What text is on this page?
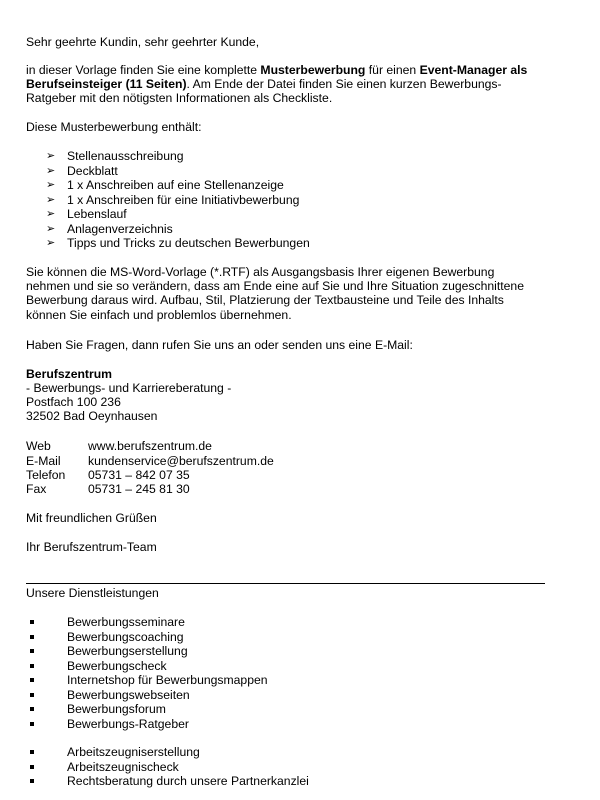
Sehr geehrte Kundin, sehr geehrter Kunde,
in dieser Vorlage finden Sie eine komplette Musterbewerbung für einen Event-Manager als
Berufseinsteiger (11 Seiten). Am Ende der Datei finden Sie einen kurzen Bewerbungs-
Ratgeber mit den nötigsten Informationen als Checkliste.
Diese Musterbewerbung enthält:
➢ Stellenausschreibung
➢ Deckblatt
➢ 1 x Anschreiben auf eine Stellenanzeige
➢ 1 x Anschreiben für eine Initiativbewerbung
➢ Lebenslauf
➢ Anlagenverzeichnis
➢ Tipps und Tricks zu deutschen Bewerbungen
Sie können die MS-Word-Vorlage (*.RTF) als Ausgangsbasis Ihrer eigenen Bewerbung
nehmen und sie so verändern, dass am Ende eine auf Sie und Ihre Situation zugeschnittene
Bewerbung daraus wird. Aufbau, Stil, Platzierung der Textbausteine und Teile des Inhalts
können Sie einfach und problemlos übernehmen.
Haben Sie Fragen, dann rufen Sie uns an oder senden uns eine E-Mail:
Berufszentrum
- Bewerbungs- und Karriereberatung -
Postfach 100 236
32502 Bad Oeynhausen
Web	www.berufszentrum.de
E-Mail kundenservice@berufszentrum.de
Telefon 05731 – 842 07 35
Fax	05731 – 245 81 30
Mit freundlichen Grüßen
Ihr Berufszentrum-Team
Unsere Dienstleistungen
Bewerbungsseminare
Bewerbungscoaching
Bewerbungserstellung
Bewerbungscheck
Internetshop für Bewerbungsmappen
Bewerbungswebseiten
Bewerbungsforum
Bewerbungs-Ratgeber
Arbeitszeugniserstellung
Arbeitszeugnischeck
Rechtsberatung durch unsere Partnerkanzlei
